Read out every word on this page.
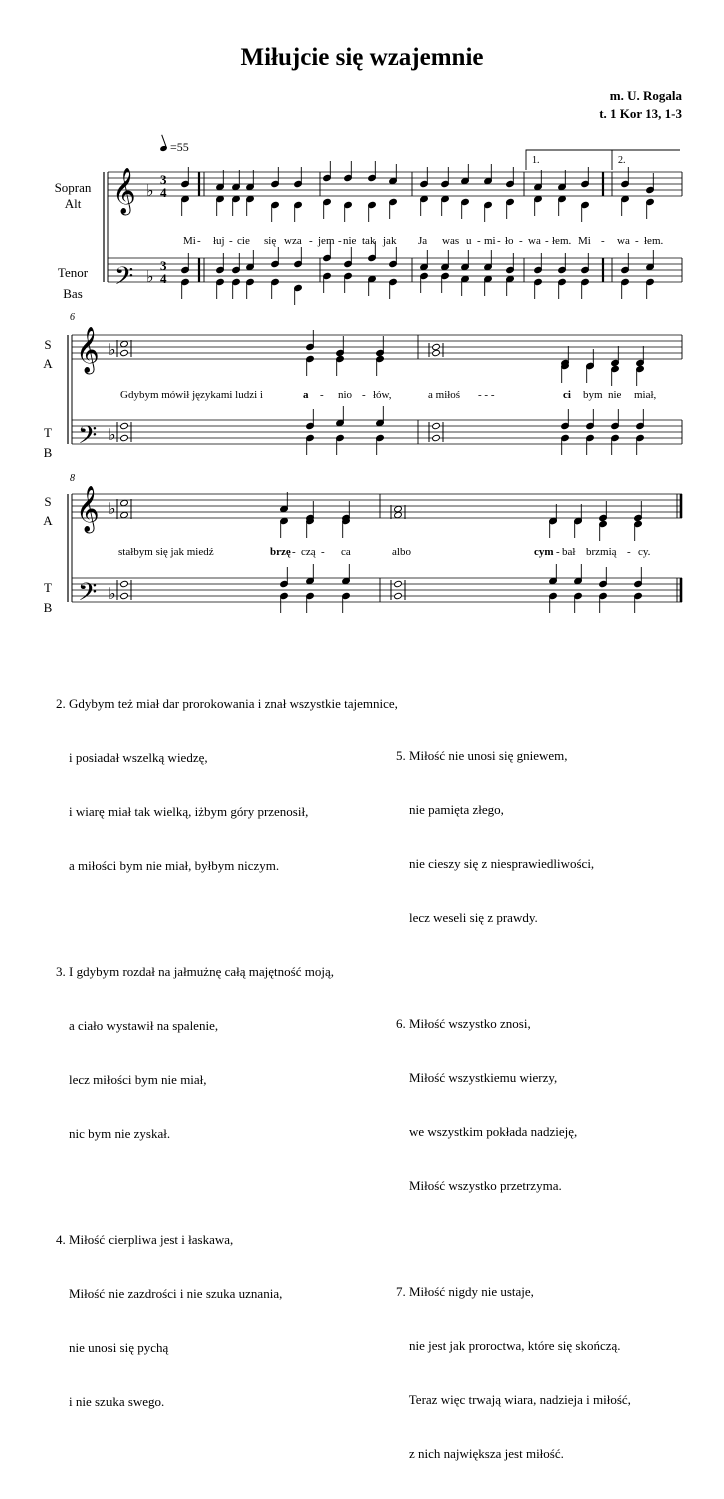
Miłujcie się wzajemnie
m. U. Rogala
t. 1 Kor 13, 1-3
=55
Sopran
Alt
Tenor
Bas
S
A
T
B
S
A
T
B
1.	2.
6
8
𝄞
𝄢
𝄞
𝄢
𝄞
𝄢
♭
♭
♭
♭
♭
♭
3
4
3
4
Mi - łuj - cie się wza - jem - nie tak jak Ja was u - mi - ło - wa - łem. Mi - wa - łem.
Gdybym mówił językami ludzi i	a - nio - łów,	a miłoś - - -	ci bym nie miał,
stałbym się jak miedź	brzę - czą - ca	albo	cym - bał brzmią - cy.

2. Gdybym też miał dar prorokowania i znał wszystkie tajemnice,

i posiadał wszelką wiedzę,

i wiarę miał tak wielką, iżbym góry przenosił,

a miłości bym nie miał, byłbym niczym.

3. I gdybym rozdał na jałmużnę całą majętność moją,

a ciało wystawił na spalenie,

lecz miłości bym nie miał,

nic bym nie zyskał.

4. Miłość cierpliwa jest i łaskawa,

Miłość nie zazdrości i nie szuka uznania,

nie unosi się pychą

i nie szuka swego.

5. Miłość nie unosi się gniewem,

nie pamięta złego,

nie cieszy się z niesprawiedliwości,

lecz weseli się z prawdy.

6. Miłość wszystko znosi,

Miłość wszystkiemu wierzy,

we wszystkim pokłada nadzieję,

Miłość wszystko przetrzyma.

7. Miłość nigdy nie ustaje,

nie jest jak proroctwa, które się skończą.

Teraz więc trwają wiara, nadzieja i miłość,

z nich największa jest miłość.
